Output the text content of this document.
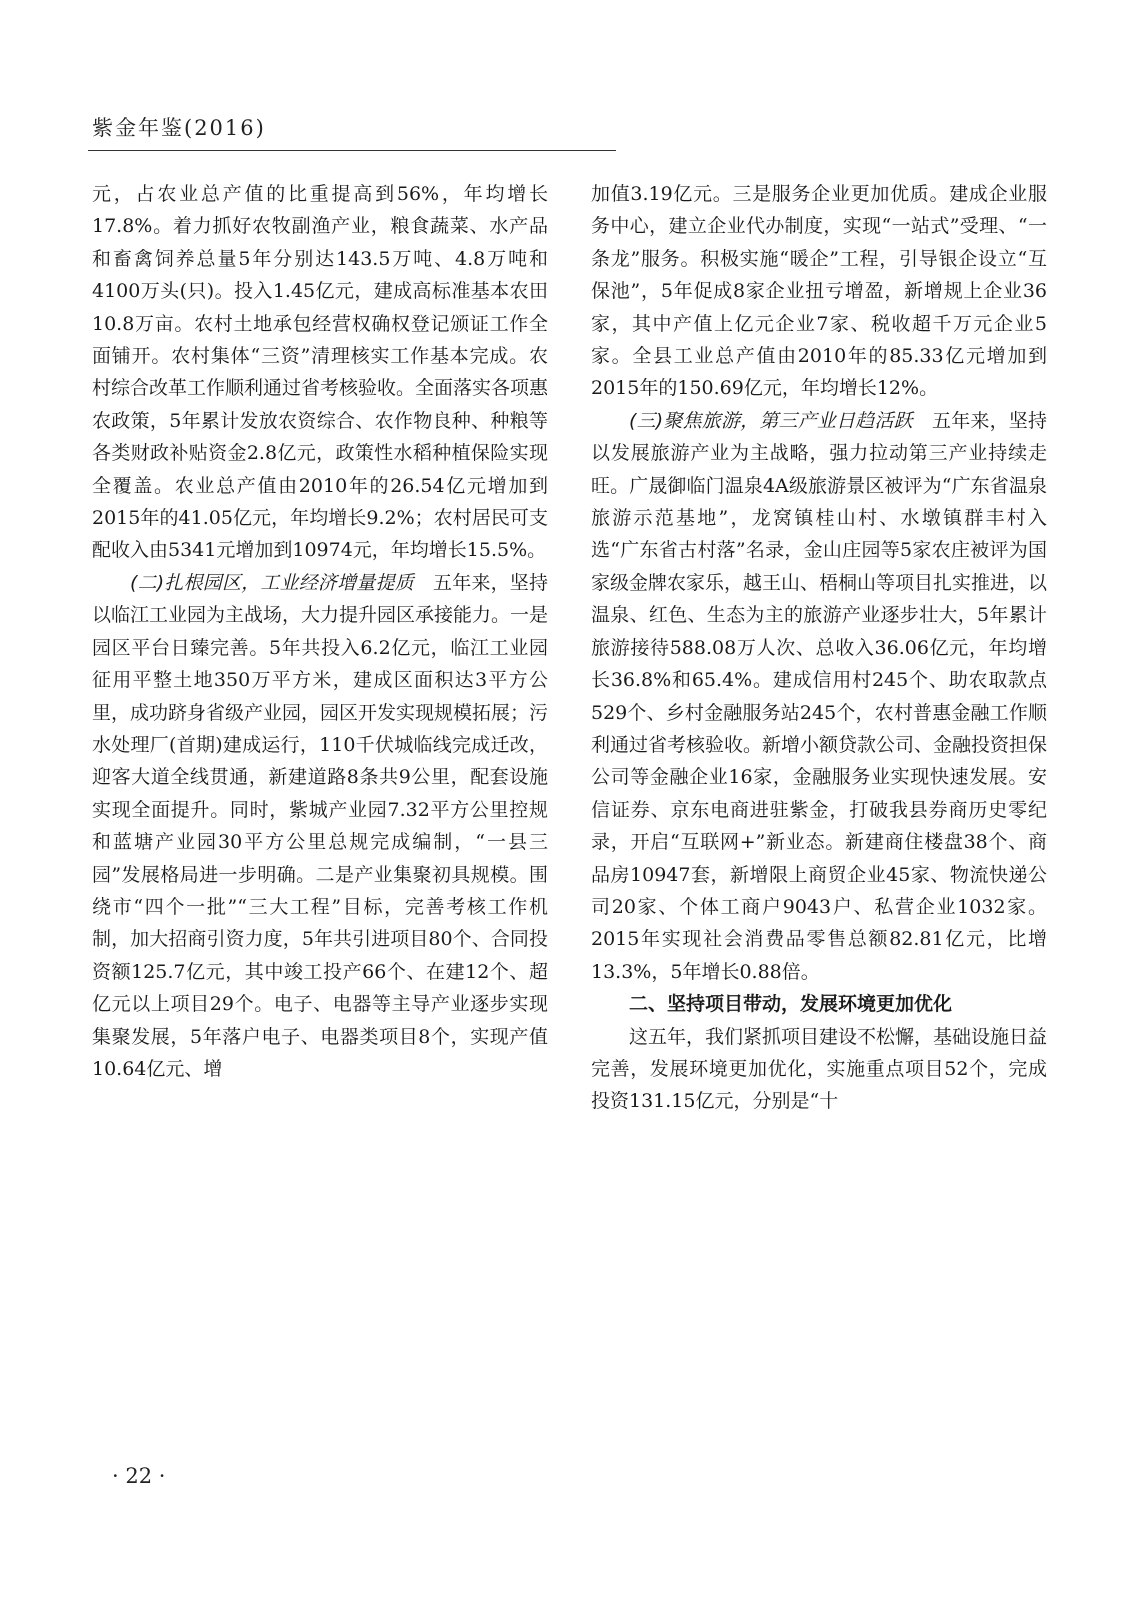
紫金年鉴(2016)

元，占农业总产值的比重提高到56%，年均增长17.8%。着力抓好农牧副渔产业，粮食蔬菜、水产品和畜禽饲养总量5年分别达143.5万吨、4.8万吨和4100万头(只)。投入1.45亿元，建成高标准基本农田10.8万亩。农村土地承包经营权确权登记颁证工作全面铺开。农村集体“三资”清理核实工作基本完成。农村综合改革工作顺利通过省考核验收。全面落实各项惠农政策，5年累计发放农资综合、农作物良种、种粮等各类财政补贴资金2.8亿元，政策性水稻种植保险实现全覆盖。农业总产值由2010年的26.54亿元增加到2015年的41.05亿元，年均增长9.2%；农村居民可支配收入由5341元增加到10974元，年均增长15.5%。

(二)扎根园区，工业经济增量提质　五年来，坚持以临江工业园为主战场，大力提升园区承接能力。一是园区平台日臻完善。5年共投入6.2亿元，临江工业园征用平整土地350万平方米，建成区面积达3平方公里，成功跻身省级产业园，园区开发实现规模拓展；污水处理厂(首期)建成运行，110千伏城临线完成迁改，迎客大道全线贯通，新建道路8条共9公里，配套设施实现全面提升。同时，紫城产业园7.32平方公里控规和蓝塘产业园30平方公里总规完成编制，“一县三园”发展格局进一步明确。二是产业集聚初具规模。围绕市“四个一批”“三大工程”目标，完善考核工作机制，加大招商引资力度，5年共引进项目80个、合同投资额125.7亿元，其中竣工投产66个、在建12个、超亿元以上项目29个。电子、电器等主导产业逐步实现集聚发展，5年落户电子、电器类项目8个，实现产值10.64亿元、增

加值3.19亿元。三是服务企业更加优质。建成企业服务中心，建立企业代办制度，实现“一站式”受理、“一条龙”服务。积极实施“暖企”工程，引导银企设立“互保池”，5年促成8家企业扭亏增盈，新增规上企业36家，其中产值上亿元企业7家、税收超千万元企业5家。全县工业总产值由2010年的85.33亿元增加到2015年的150.69亿元，年均增长12%。

(三)聚焦旅游，第三产业日趋活跃　五年来，坚持以发展旅游产业为主战略，强力拉动第三产业持续走旺。广晟御临门温泉4A级旅游景区被评为“广东省温泉旅游示范基地”，龙窝镇桂山村、水墩镇群丰村入选“广东省古村落”名录，金山庄园等5家农庄被评为国家级金牌农家乐，越王山、梧桐山等项目扎实推进，以温泉、红色、生态为主的旅游产业逐步壮大，5年累计旅游接待588.08万人次、总收入36.06亿元，年均增长36.8%和65.4%。建成信用村245个、助农取款点529个、乡村金融服务站245个，农村普惠金融工作顺利通过省考核验收。新增小额贷款公司、金融投资担保公司等金融企业16家，金融服务业实现快速发展。安信证券、京东电商进驻紫金，打破我县券商历史零纪录，开启“互联网+”新业态。新建商住楼盘38个、商品房10947套，新增限上商贸企业45家、物流快递公司20家、个体工商户9043户、私营企业1032家。2015年实现社会消费品零售总额82.81亿元，比增13.3%，5年增长0.88倍。

二、坚持项目带动，发展环境更加优化

这五年，我们紧抓项目建设不松懈，基础设施日益完善，发展环境更加优化，实施重点项目52个，完成投资131.15亿元，分别是“十

· 22 ·
